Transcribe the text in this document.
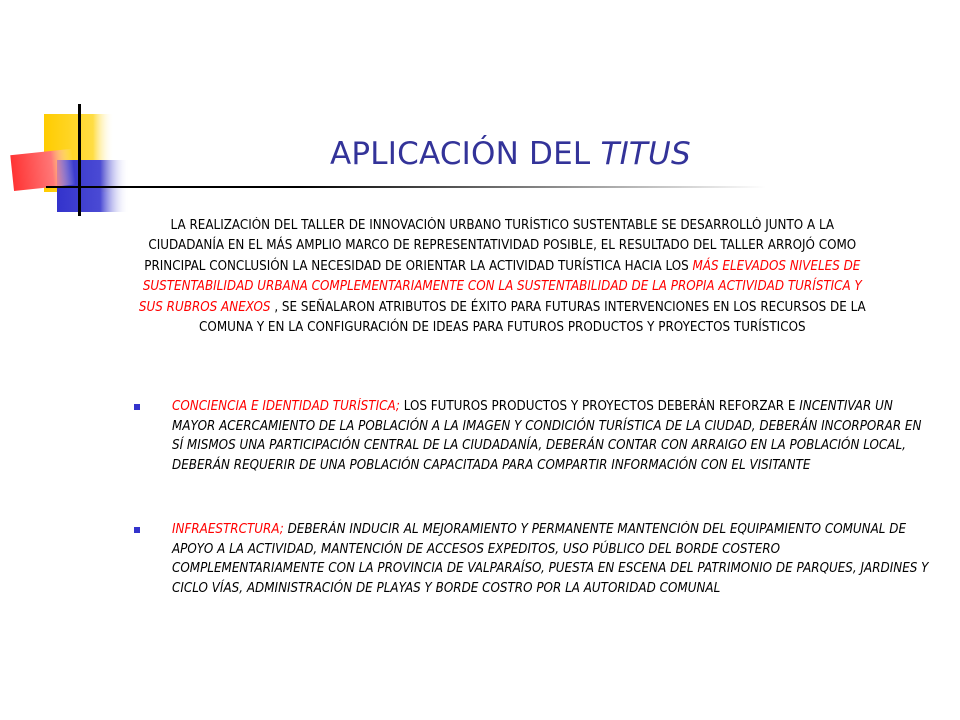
APLICACIÓN DEL TITUS

LA REALIZACIÓN DEL TALLER DE INNOVACIÓN URBANO TURÍSTICO SUSTENTABLE SE DESARROLLÓ JUNTO A LA CIUDADANÍA EN EL MÁS AMPLIO MARCO DE REPRESENTATIVIDAD POSIBLE, EL RESULTADO DEL TALLER ARROJÓ COMO PRINCIPAL CONCLUSIÓN LA NECESIDAD DE ORIENTAR LA ACTIVIDAD TURÍSTICA HACIA LOS MÁS ELEVADOS NIVELES DE SUSTENTABILIDAD URBANA COMPLEMENTARIAMENTE CON LA SUSTENTABILIDAD DE LA PROPIA ACTIVIDAD TURÍSTICA Y SUS RUBROS ANEXOS , SE SEÑALARON ATRIBUTOS DE ÉXITO PARA FUTURAS INTERVENCIONES EN LOS RECURSOS DE LA COMUNA Y EN LA CONFIGURACIÓN DE IDEAS PARA FUTUROS PRODUCTOS Y PROYECTOS TURÍSTICOS

CONCIENCIA E IDENTIDAD TURÍSTICA; LOS FUTUROS PRODUCTOS Y PROYECTOS DEBERÁN REFORZAR E INCENTIVAR UN MAYOR ACERCAMIENTO DE LA POBLACIÓN A LA IMAGEN Y CONDICIÓN TURÍSTICA DE LA CIUDAD, DEBERÁN INCORPORAR EN SÍ MISMOS UNA PARTICIPACIÓN CENTRAL DE LA CIUDADANÍA, DEBERÁN CONTAR CON ARRAIGO EN LA POBLACIÓN LOCAL, DEBERÁN REQUERIR DE UNA POBLACIÓN CAPACITADA PARA COMPARTIR INFORMACIÓN CON EL VISITANTE
INFRAESTRCTURA; DEBERÁN INDUCIR AL MEJORAMIENTO Y PERMANENTE MANTENCIÓN DEL EQUIPAMIENTO COMUNAL DE APOYO A LA ACTIVIDAD, MANTENCIÓN DE ACCESOS EXPEDITOS, USO PÚBLICO DEL BORDE COSTERO COMPLEMENTARIAMENTE CON LA PROVINCIA DE VALPARAÍSO, PUESTA EN ESCENA DEL PATRIMONIO DE PARQUES, JARDINES Y CICLO VÍAS, ADMINISTRACIÓN DE PLAYAS Y BORDE COSTRO POR LA AUTORIDAD COMUNAL
